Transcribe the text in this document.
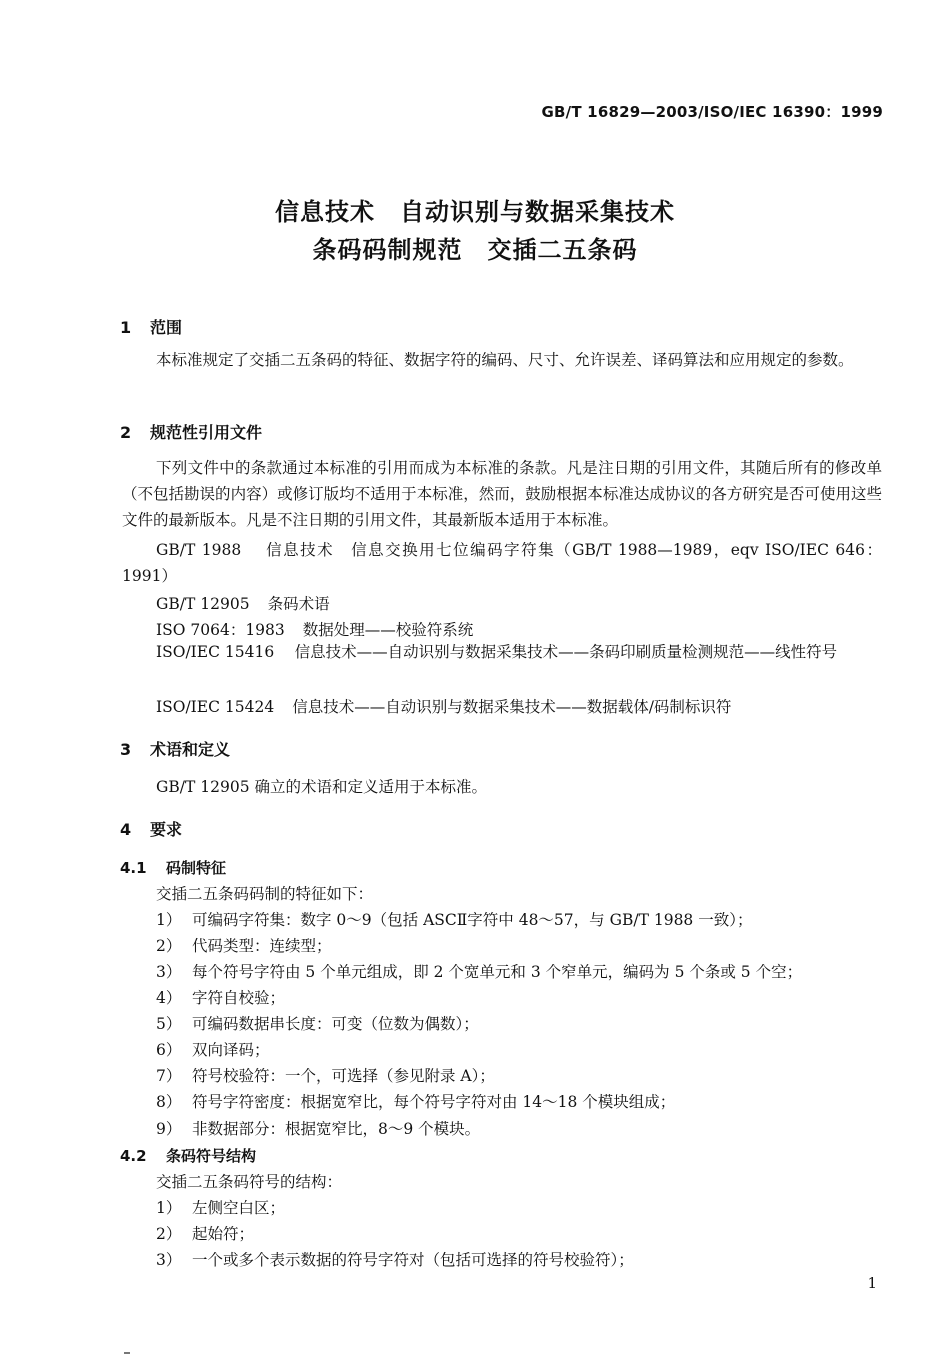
GB/T 16829—2003/ISO/IEC 16390：1999
信息技术　自动识别与数据采集技术
条码码制规范　交插二五条码
1 范围
本标准规定了交插二五条码的特征、数据字符的编码、尺寸、允许误差、译码算法和应用规定的参数。
2 规范性引用文件
下列文件中的条款通过本标准的引用而成为本标准的条款。凡是注日期的引用文件，其随后所有的修改单（不包括勘误的内容）或修订版均不适用于本标准，然而，鼓励根据本标准达成协议的各方研究是否可使用这些文件的最新版本。凡是不注日期的引用文件，其最新版本适用于本标准。
GB/T 1988　 信息技术　信息交换用七位编码字符集（GB/T 1988—1989，eqv ISO/IEC 646：1991）
GB/T 12905 条码术语
ISO 7064：1983 数据处理——校验符系统
ISO/IEC 15416　 信息技术——自动识别与数据采集技术——条码印刷质量检测规范——线性符号
ISO/IEC 15424 信息技术——自动识别与数据采集技术——数据载体/码制标识符
3 术语和定义
GB/T 12905 确立的术语和定义适用于本标准。
4 要求
4.1 码制特征
交插二五条码码制的特征如下：
1） 可编码字符集：数字 0～9（包括 ASCⅡ字符中 48～57，与 GB/T 1988 一致）；
2） 代码类型：连续型；
3） 每个符号字符由 5 个单元组成，即 2 个宽单元和 3 个窄单元，编码为 5 个条或 5 个空；
4） 字符自校验；
5） 可编码数据串长度：可变（位数为偶数）；
6） 双向译码；
7） 符号校验符：一个，可选择（参见附录 A）；
8） 符号字符密度：根据宽窄比，每个符号字符对由 14～18 个模块组成；
9） 非数据部分：根据宽窄比，8～9 个模块。
4.2 条码符号结构
交插二五条码符号的结构：
1） 左侧空白区；
2） 起始符；
3） 一个或多个表示数据的符号字符对（包括可选择的符号校验符）；
1
